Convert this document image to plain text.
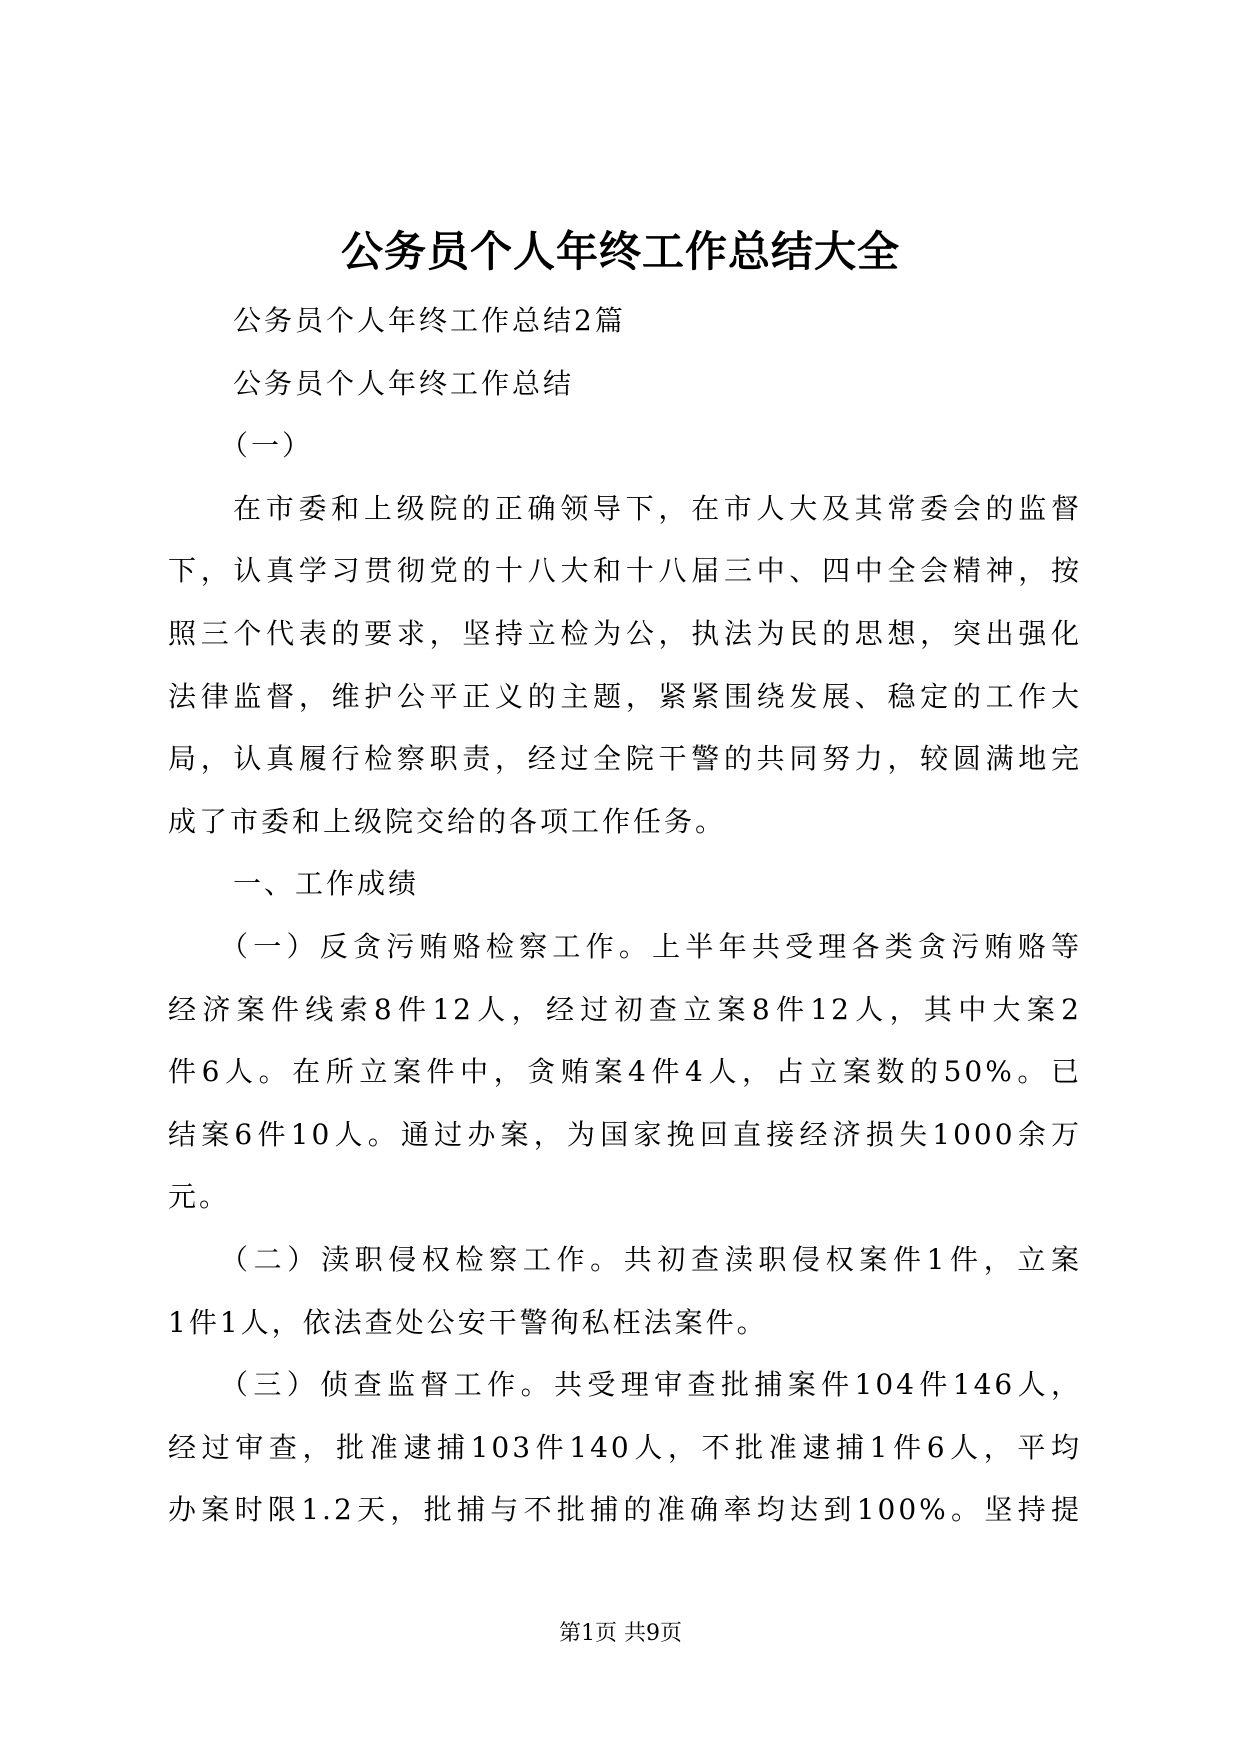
公务员个人年终工作总结大全
公务员个人年终工作总结2篇
公务员个人年终工作总结
（一）
在市委和上级院的正确领导下，在市人大及其常委会的监督
下，认真学习贯彻党的十八大和十八届三中、四中全会精神，按
照三个代表的要求，坚持立检为公，执法为民的思想，突出强化
法律监督，维护公平正义的主题，紧紧围绕发展、稳定的工作大
局，认真履行检察职责，经过全院干警的共同努力，较圆满地完
成了市委和上级院交给的各项工作任务。
一、工作成绩
（一）反贪污贿赂检察工作。上半年共受理各类贪污贿赂等
经济案件线索8件12人，经过初查立案8件12人，其中大案2
件6人。在所立案件中，贪贿案4件4人，占立案数的50%。已
结案6件10人。通过办案，为国家挽回直接经济损失1000余万
元。
（二）渎职侵权检察工作。共初查渎职侵权案件1件，立案
1件1人，依法查处公安干警徇私枉法案件。
（三）侦查监督工作。共受理审查批捕案件104件146人，
经过审查，批准逮捕103件140人，不批准逮捕1件6人，平均
办案时限1.2天，批捕与不批捕的准确率均达到100%。坚持提
第1页 共9页
